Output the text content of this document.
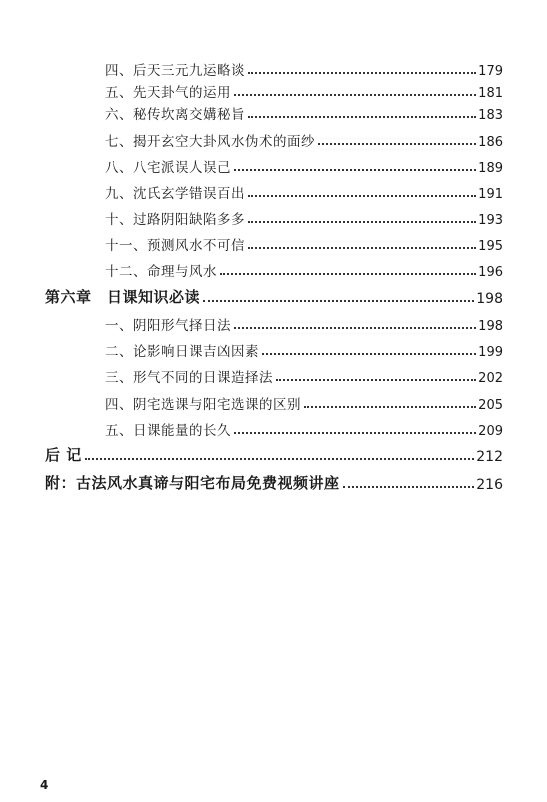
四、后天三元九运略谈	179
五、先天卦气的运用	181
六、秘传坎离交媾秘旨	183
七、揭开玄空大卦风水伪术的面纱	186
八、八宅派误人误己	189
九、沈氏玄学错误百出	191
十、过路阴阳缺陷多多	193
十一、预测风水不可信	195
十二、命理与风水	196
第六章　日课知识必读	198
一、阴阳形气择日法	198
二、论影响日课吉凶因素	199
三、形气不同的日课造择法	202
四、阴宅选课与阳宅选课的区别	205
五、日课能量的长久	209
后 记	212
附：古法风水真谛与阳宅布局免费视频讲座	216
4
